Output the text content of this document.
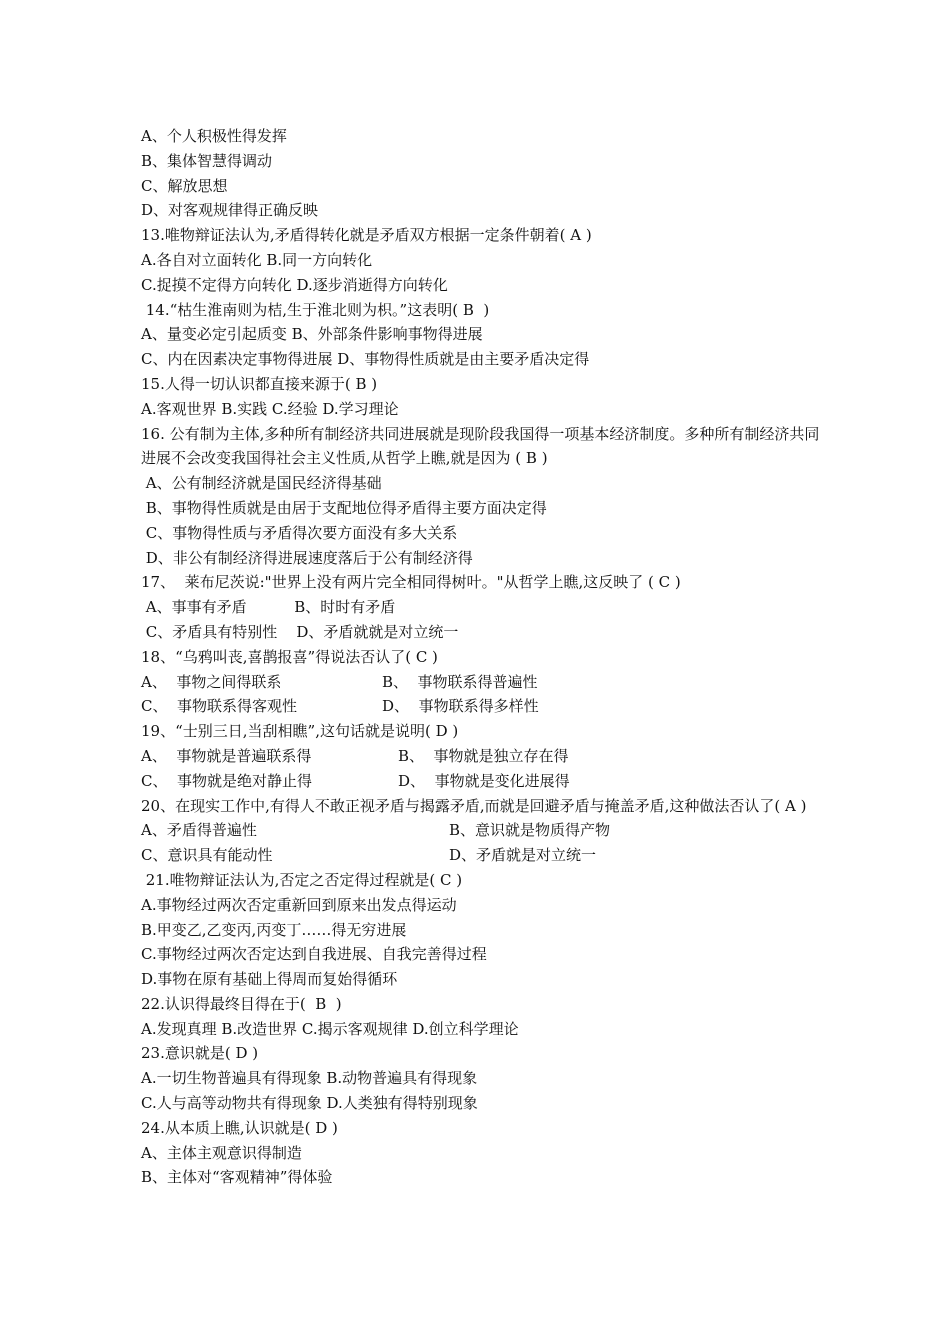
A、个人积极性得发挥
B、集体智慧得调动
C、解放思想
D、对客观规律得正确反映
13.唯物辩证法认为,矛盾得转化就是矛盾双方根据一定条件朝着( A )
A.各自对立面转化 B.同一方向转化
C.捉摸不定得方向转化 D.逐步消逝得方向转化
14.“枯生淮南则为桔,生于淮北则为枳。”这表明( B  )
A、量变必定引起质变 B、外部条件影响事物得进展
C、内在因素决定事物得进展 D、事物得性质就是由主要矛盾决定得
15.人得一切认识都直接来源于( B )
A.客观世界 B.实践 C.经验 D.学习理论
16. 公有制为主体,多种所有制经济共同进展就是现阶段我国得一项基本经济制度。多种所有制经济共同进展不会改变我国得社会主义性质,从哲学上瞧,就是因为 ( B )
A、公有制经济就是国民经济得基础
B、事物得性质就是由居于支配地位得矛盾得主要方面决定得
C、事物得性质与矛盾得次要方面没有多大关系
D、非公有制经济得进展速度落后于公有制经济得
17、  莱布尼茨说:"世界上没有两片完全相同得树叶。"从哲学上瞧,这反映了 ( C )
A、事事有矛盾          B、时时有矛盾
C、矛盾具有特别性    D、矛盾就就是对立统一
18、“乌鸦叫丧,喜鹊报喜”得说法否认了( C )
A、  事物之间得联系	B、  事物联系得普遍性
C、  事物联系得客观性	D、  事物联系得多样性
19、“士别三日,当刮相瞧”,这句话就是说明( D )
A、  事物就是普遍联系得	B、  事物就是独立存在得
C、  事物就是绝对静止得	D、  事物就是变化进展得
20、在现实工作中,有得人不敢正视矛盾与揭露矛盾,而就是回避矛盾与掩盖矛盾,这种做法否认了( A )
A、矛盾得普遍性	B、意识就是物质得产物
C、意识具有能动性	D、矛盾就是对立统一
21.唯物辩证法认为,否定之否定得过程就是( C )
A.事物经过两次否定重新回到原来出发点得运动
B.甲变乙,乙变丙,丙变丁……得无穷进展
C.事物经过两次否定达到自我进展、自我完善得过程
D.事物在原有基础上得周而复始得循环
22.认识得最终目得在于(  B  )
A.发现真理 B.改造世界 C.揭示客观规律 D.创立科学理论
23.意识就是( D )
A.一切生物普遍具有得现象 B.动物普遍具有得现象
C.人与高等动物共有得现象 D.人类独有得特别现象
24.从本质上瞧,认识就是( D )
A、主体主观意识得制造
B、主体对“客观精神”得体验
